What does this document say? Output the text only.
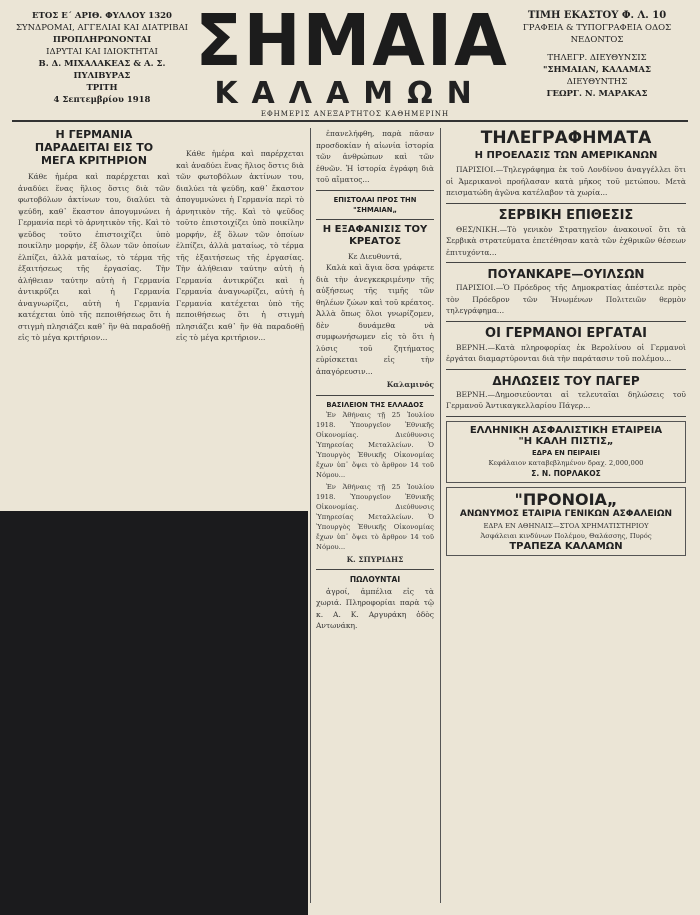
ΕΤΟΣ Ε΄ ΑΡΙΘ. ΦΥΛΛΟΥ 1320
ΣΥΝΔΡΟΜΑΙ, ΑΓΓΕΛΙΑΙ ΚΑΙ ΔΙΑΤΡΙΒΑΙ
ΠΡΟΠΛΗΡΩΝΟΝΤΑΙ
ΙΔΡΥΤΑΙ ΚΑΙ ΙΔΙΟΚΤΗΤΑΙ
Β. Δ. ΜΙΧΑΛΑΚΕΑΣ & Α. Σ. ΠΥΛΙΒΥΡΑΣ
ΤΡΙΤΗ
4 Σεπτεμβρίου 1918
ΣΗΜΑΙΑ
ΚΑΛΑΜΩΝ
ΕΦΗΜΕΡΙΣ ΑΝΕΞΑΡΤΗΤΟΣ ΚΑΘΗΜΕΡΙΝΗ
ΤΙΜΗ ΕΚΑΣΤΟΥ Φ. Λ. 10
ΓΡΑΦΕΙΑ & ΤΥΠΟΓΡΑΦΕΙΑ ΟΔΟΣ ΝΕΔΟΝΤΟΣ
ΤΗΛΕΓΡ. ΔΙΕΥΘΥΝΣΙΣ
"ΣΗΜΑΙΑΝ, ΚΑΛΑΜΑΣ
ΔΙΕΥΘΥΝΤΗΣ
ΓΕΩΡΓ. Ν. ΜΑΡΑΚΑΣ
Η ΓΕΡΜΑΝΙΑ ΠΑΡΑΔΕΙΤΑΙ ΕΙΣ ΤΟ ΜΕΓΑ ΚΡΙΤΗΡΙΟΝ

Κάθε ἡμέρα καὶ παρέρχεται καὶ ἀναδύει ἕνας ἥλιος ὅστις διὰ τῶν φωτοβόλων ἀκτίνων του, διαλύει τὰ ψεύδη, καθ᾽ ἕκαστον ἀπογυμνώνει ἡ Γερμανία περὶ τὸ ἀρνητικὸν τῆς. Καὶ τὸ ψεῦδος τοῦτο ἐπιστοιχίζει ὑπὸ ποικίλην μορφήν, ἐξ ὅλων τῶν ὁποίων ἐλπίζει, ἀλλὰ ματαίως, τὸ τέρμα τῆς ἐξαιτήσεως τῆς ἐργασίας. Τὴν ἀλήθειαν ταύτην αὐτὴ ἡ Γερμανία ἀντικρύζει καὶ ἡ Γερμανία ἀναγνωρίζει, αὐτὴ ἡ Γερμανία κατέχεται ὑπὸ τῆς πεποιθήσεως ὅτι ἡ στιγμὴ πλησιάζει καθ᾽ ἣν θὰ παραδοθῇ εἰς τὸ μέγα κριτήριον...

Κάθε ἡμέρα καὶ παρέρχεται καὶ ἀναδύει ἕνας ἥλιος ὅστις διὰ τῶν φωτοβόλων ἀκτίνων του, διαλύει τὰ ψεύδη, καθ᾽ ἕκαστον ἀπογυμνώνει ἡ Γερμανία περὶ τὸ ἀρνητικὸν τῆς. Καὶ τὸ ψεῦδος τοῦτο ἐπιστοιχίζει ὑπὸ ποικίλην μορφήν, ἐξ ὅλων τῶν ὁποίων ἐλπίζει, ἀλλὰ ματαίως, τὸ τέρμα τῆς ἐξαιτήσεως τῆς ἐργασίας. Τὴν ἀλήθειαν ταύτην αὐτὴ ἡ Γερμανία ἀντικρύζει καὶ ἡ Γερμανία ἀναγνωρίζει, αὐτὴ ἡ Γερμανία κατέχεται ὑπὸ τῆς πεποιθήσεως ὅτι ἡ στιγμὴ πλησιάζει καθ᾽ ἣν θὰ παραδοθῇ εἰς τὸ μέγα κριτήριον...

ἐπανελήφθη, παρὰ πᾶσαν προσδοκίαν ἡ αἰωνία ἱστορία τῶν ἀνθρώπων καὶ τῶν ἐθνῶν. Ἡ ἱστορία ἐγράφη διὰ τοῦ αἵματος...

ΕΠΙΣΤΟΛΑΙ ΠΡΟΣ ΤΗΝ "ΣΗΜΑΙΑΝ„
Η ΕΞΑΦΑΝΙΣΙΣ ΤΟΥ ΚΡΕΑΤΟΣ
Κε Διευθυντά,

Καλὰ καὶ ἅγια ὅσα γράφετε διὰ τὴν ἀνεγκεκριμένην τῆς αὐξήσεως τῆς τιμῆς τῶν θηλέων ζώων καὶ τοῦ κρέατος. Ἀλλὰ ὅπως ὅλοι γνωρίζομεν, δὲν δυνάμεθα νὰ συμφωνήσωμεν εἰς τὸ ὅτι ἡ λύσις τοῦ ζητήματος εὑρίσκεται εἰς τὴν ἀπαγόρευσιν...

Καλαμινός
ΒΑΣΙΛΕΙΟΝ ΤΗΣ ΕΛΛΑΔΟΣ

Ἐν Ἀθήναις τῇ 25 Ἰουλίου 1918. Ὑπουργεῖον Ἐθνικῆς Οἰκονομίας. Διεύθυνσις Ὑπηρεσίας Μεταλλείων. Ὁ Ὑπουργὸς Ἐθνικῆς Οἰκονομίας ἔχων ὑπ᾽ ὄψει τὸ ἄρθρον 14 τοῦ Νόμου...

Ἐν Ἀθήναις τῇ 25 Ἰουλίου 1918. Ὑπουργεῖον Ἐθνικῆς Οἰκονομίας. Διεύθυνσις Ὑπηρεσίας Μεταλλείων. Ὁ Ὑπουργὸς Ἐθνικῆς Οἰκονομίας ἔχων ὑπ᾽ ὄψει τὸ ἄρθρον 14 τοῦ Νόμου...

Κ. ΣΠΥΡΙΔΗΣ
ΠΩΛΟΥΝΤΑΙ

ἀγροί, ἀμπέλια εἰς τὰ χωριά. Πληροφορίαι παρὰ τῷ κ. Α. Κ. Αργυράκη ὁδὸς Αντωνάκη.

ΤΗΛΕΓΡΑΦΗΜΑΤΑ
Η ΠΡΟΕΛΑΣΙΣ ΤΩΝ ΑΜΕΡΙΚΑΝΩΝ

ΠΑΡΙΣΙΟΙ.—Τηλεγράφημα ἐκ τοῦ Λονδίνου ἀναγγέλλει ὅτι οἱ Ἀμερικανοὶ προήλασαν κατὰ μῆκος τοῦ μετώπου. Μετὰ πεισματώδη ἀγῶνα κατέλαβον τὰ χωρία...

ΣΕΡΒΙΚΗ ΕΠΙΘΕΣΙΣ

ΘΕΣ/ΝΙΚΗ.—Τὸ γενικὸν Στρατηγεῖον ἀνακοινοῖ ὅτι τὰ Σερβικὰ στρατεύματα ἐπετέθησαν κατὰ τῶν ἐχθρικῶν θέσεων ἐπιτυχόντα...

ΠΟΥΑΝΚΑΡΕ—ΟΥΙΛΣΩΝ

ΠΑΡΙΣΙΟΙ.—Ὁ Πρόεδρος τῆς Δημοκρατίας ἀπέστειλε πρὸς τὸν Πρόεδρον τῶν Ἡνωμένων Πολιτειῶν θερμὸν τηλεγράφημα...

ΟΙ ΓΕΡΜΑΝΟΙ ΕΡΓΑΤΑΙ

ΒΕΡΝΗ.—Κατὰ πληροφορίας ἐκ Βερολίνου οἱ Γερμανοὶ ἐργάται διαμαρτύρονται διὰ τὴν παράτασιν τοῦ πολέμου...

ΔΗΛΩΣΕΙΣ ΤΟΥ ΠΑΓΕΡ

ΒΕΡΝΗ.—Δημοσιεύονται αἱ τελευταῖαι δηλώσεις τοῦ Γερμανοῦ Ἀντικαγκελλαρίου Πάγερ...

ΕΛΛΗΝΙΚΗ ΑΣΦΑΛΙΣΤΙΚΗ ΕΤΑΙΡΕΙΑ
"Η ΚΑΛΗ ΠΙΣΤΙΣ„
ΕΔΡΑ ΕΝ ΠΕΙΡΑΙΕΙ
Κεφάλαιον καταβεβλημένον δραχ. 2,000,000
Σ. Ν. ΠΟΡΛΑΚΟΣ
"ΠΡΟΝΟΙΑ„
ΑΝΩΝΥΜΟΣ ΕΤΑΙΡΙΑ ΓΕΝΙΚΩΝ ΑΣΦΑΛΕΙΩΝ
ΕΔΡΑ ΕΝ ΑΘΗΝΑΙΣ—ΣΤΟΑ ΧΡΗΜΑΤΙΣΤΗΡΙΟΥ
Ἀσφάλειαι κινδύνων Πολέμου, Θαλάσσης, Πυρός
ΤΡΑΠΕΖΑ ΚΑΛΑΜΩΝ
